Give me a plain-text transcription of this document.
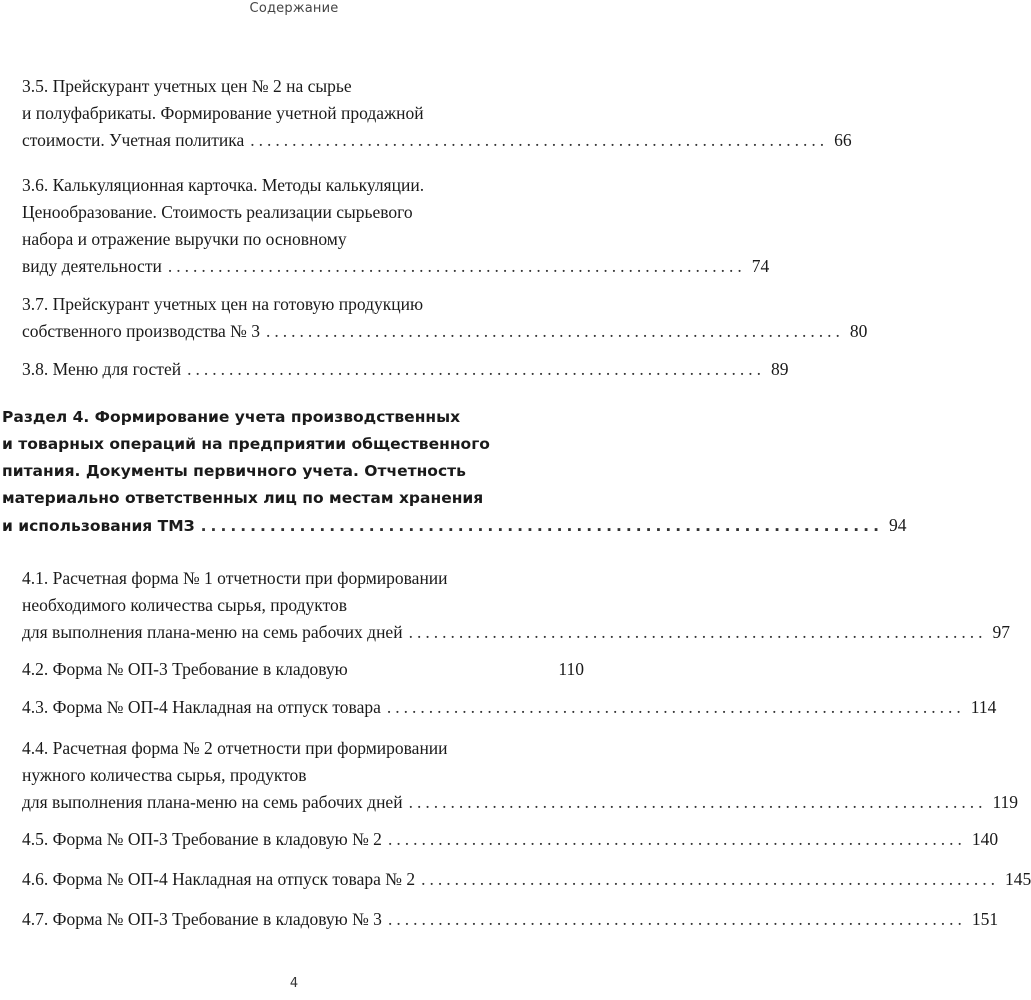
Содержание
3.5. Прейскурант учетных цен № 2 на сырье
и полуфабрикаты. Формирование учетной продажной
стоимости. Учетная политика ..................................................................... 66
3.6. Калькуляционная карточка. Методы калькуляции.
Ценообразование. Стоимость реализации сырьевого
набора и отражение выручки по основному
виду деятельности ..................................................................... 74
3.7. Прейскурант учетных цен на готовую продукцию
собственного производства № 3 ..................................................................... 80
3.8. Меню для гостей ..................................................................... 89
Раздел 4. Формирование учета производственных
и товарных операций на предприятии общественного
питания. Документы первичного учета. Отчетность
материально ответственных лиц по местам хранения
и использования ТМЗ ..................................................................... 94
4.1. Расчетная форма № 1 отчетности при формировании
необходимого количества сырья, продуктов
для выполнения плана-меню на семь рабочих дней ..................................................................... 97
4.2. Форма № ОП-3 Требование в кладовую	110
4.3. Форма № ОП-4 Накладная на отпуск товара ..................................................................... 114
4.4. Расчетная форма № 2 отчетности при формировании
нужного количества сырья, продуктов
для выполнения плана-меню на семь рабочих дней ..................................................................... 119
4.5. Форма № ОП-3 Требование в кладовую № 2 ..................................................................... 140
4.6. Форма № ОП-4 Накладная на отпуск товара № 2 ..................................................................... 145
4.7. Форма № ОП-3 Требование в кладовую № 3 ..................................................................... 151
4
